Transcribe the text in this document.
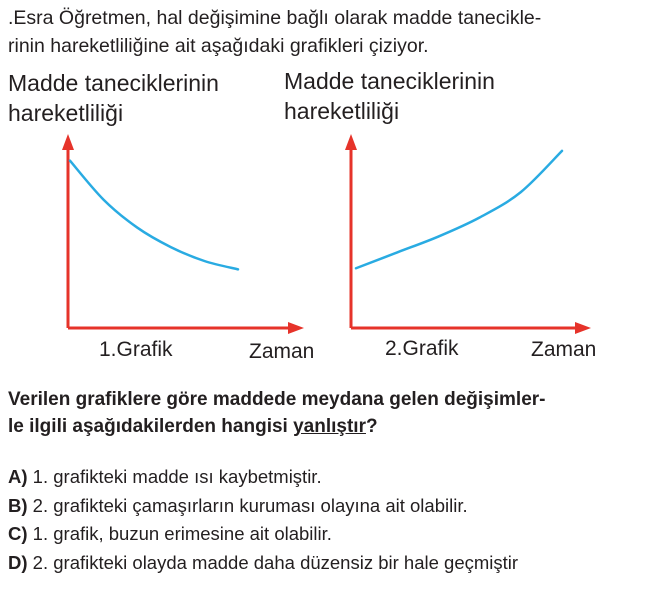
.Esra Öğretmen, hal değişimine bağlı olarak madde tanecikle-
rinin hareketliliğine ait aşağıdaki grafikleri çiziyor.
Madde taneciklerinin
hareketliliği
Madde taneciklerinin
hareketliliği
1.Grafik	Zaman	2.Grafik	Zaman
Verilen grafiklere göre maddede meydana gelen değişimler-
le ilgili aşağıdakilerden hangisi yanlıştır?
A) 1. grafikteki madde ısı kaybetmiştir.
B) 2. grafikteki çamaşırların kuruması olayına ait olabilir.
C) 1. grafik, buzun erimesine ait olabilir.
D) 2. grafikteki olayda madde daha düzensiz bir hale geçmiştir
